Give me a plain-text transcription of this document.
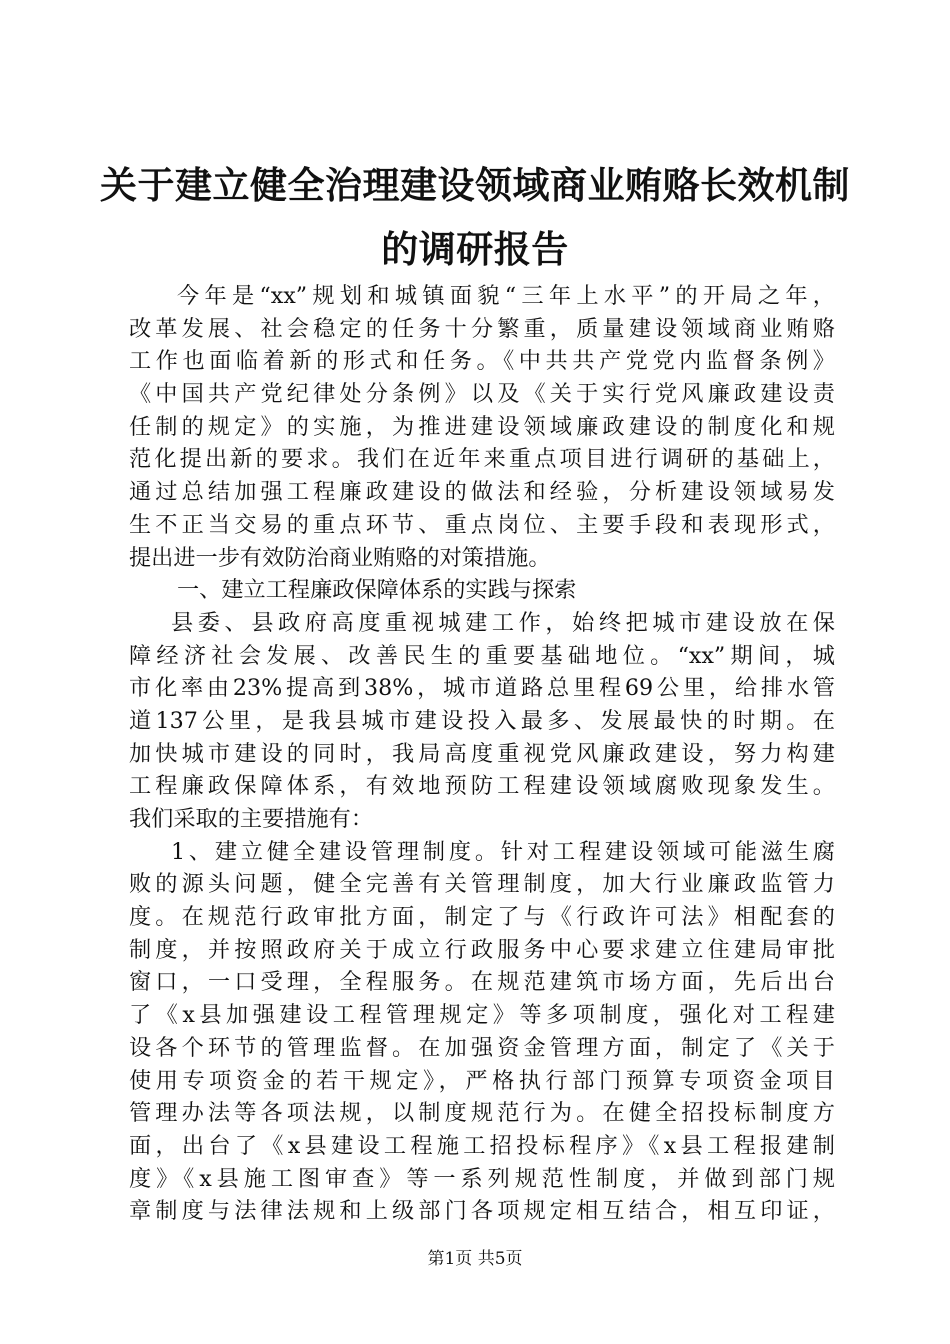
关于建立健全治理建设领域商业贿赂长效机制
的调研报告
今年是“xx”规划和城镇面貌“三年上水平”的开局之年，
改革发展、社会稳定的任务十分繁重，质量建设领域商业贿赂
工作也面临着新的形式和任务。《中共共产党党内监督条例》
《中国共产党纪律处分条例》以及《关于实行党风廉政建设责
任制的规定》的实施，为推进建设领域廉政建设的制度化和规
范化提出新的要求。我们在近年来重点项目进行调研的基础上，
通过总结加强工程廉政建设的做法和经验，分析建设领域易发
生不正当交易的重点环节、重点岗位、主要手段和表现形式，
提出进一步有效防治商业贿赂的对策措施。
一、建立工程廉政保障体系的实践与探索
县委、县政府高度重视城建工作，始终把城市建设放在保
障经济社会发展、改善民生的重要基础地位。“xx”期间，城
市化率由23%提高到38%，城市道路总里程69公里，给排水管
道137公里，是我县城市建设投入最多、发展最快的时期。在
加快城市建设的同时，我局高度重视党风廉政建设，努力构建
工程廉政保障体系，有效地预防工程建设领域腐败现象发生。
我们采取的主要措施有：
1、建立健全建设管理制度。针对工程建设领域可能滋生腐
败的源头问题，健全完善有关管理制度，加大行业廉政监管力
度。在规范行政审批方面，制定了与《行政许可法》相配套的
制度，并按照政府关于成立行政服务中心要求建立住建局审批
窗口，一口受理，全程服务。在规范建筑市场方面，先后出台
了《x县加强建设工程管理规定》等多项制度，强化对工程建
设各个环节的管理监督。在加强资金管理方面，制定了《关于
使用专项资金的若干规定》，严格执行部门预算专项资金项目
管理办法等各项法规，以制度规范行为。在健全招投标制度方
面，出台了《x县建设工程施工招投标程序》《x县工程报建制
度》《x县施工图审查》等一系列规范性制度，并做到部门规
章制度与法律法规和上级部门各项规定相互结合，相互印证，
第1页 共5页
